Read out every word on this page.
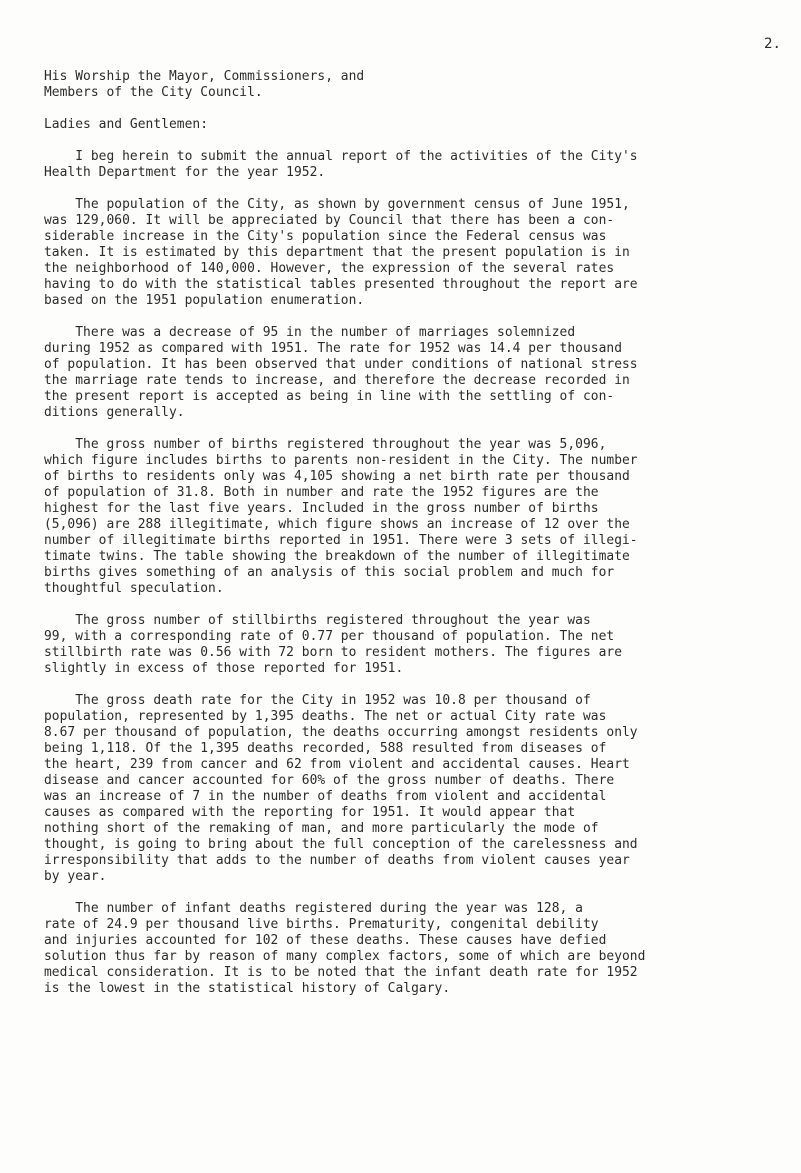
2.
His Worship the Mayor, Commissioners, and
Members of the City Council.
Ladies and Gentlemen:
I beg herein to submit the annual report of the activities of the City's
Health Department for the year 1952.
The population of the City, as shown by government census of June 1951,
was 129,060. It will be appreciated by Council that there has been a con-
siderable increase in the City's population since the Federal census was
taken. It is estimated by this department that the present population is in
the neighborhood of 140,000. However, the expression of the several rates
having to do with the statistical tables presented throughout the report are
based on the 1951 population enumeration.
There was a decrease of 95 in the number of marriages solemnized
during 1952 as compared with 1951. The rate for 1952 was 14.4 per thousand
of population. It has been observed that under conditions of national stress
the marriage rate tends to increase, and therefore the decrease recorded in
the present report is accepted as being in line with the settling of con-
ditions generally.
The gross number of births registered throughout the year was 5,096,
which figure includes births to parents non-resident in the City. The number
of births to residents only was 4,105 showing a net birth rate per thousand
of population of 31.8. Both in number and rate the 1952 figures are the
highest for the last five years. Included in the gross number of births
(5,096) are 288 illegitimate, which figure shows an increase of 12 over the
number of illegitimate births reported in 1951. There were 3 sets of illegi-
timate twins. The table showing the breakdown of the number of illegitimate
births gives something of an analysis of this social problem and much for
thoughtful speculation.
The gross number of stillbirths registered throughout the year was
99, with a corresponding rate of 0.77 per thousand of population. The net
stillbirth rate was 0.56 with 72 born to resident mothers. The figures are
slightly in excess of those reported for 1951.
The gross death rate for the City in 1952 was 10.8 per thousand of
population, represented by 1,395 deaths. The net or actual City rate was
8.67 per thousand of population, the deaths occurring amongst residents only
being 1,118. Of the 1,395 deaths recorded, 588 resulted from diseases of
the heart, 239 from cancer and 62 from violent and accidental causes. Heart
disease and cancer accounted for 60% of the gross number of deaths. There
was an increase of 7 in the number of deaths from violent and accidental
causes as compared with the reporting for 1951. It would appear that
nothing short of the remaking of man, and more particularly the mode of
thought, is going to bring about the full conception of the carelessness and
irresponsibility that adds to the number of deaths from violent causes year
by year.
The number of infant deaths registered during the year was 128, a
rate of 24.9 per thousand live births. Prematurity, congenital debility
and injuries accounted for 102 of these deaths. These causes have defied
solution thus far by reason of many complex factors, some of which are beyond
medical consideration. It is to be noted that the infant death rate for 1952
is the lowest in the statistical history of Calgary.
